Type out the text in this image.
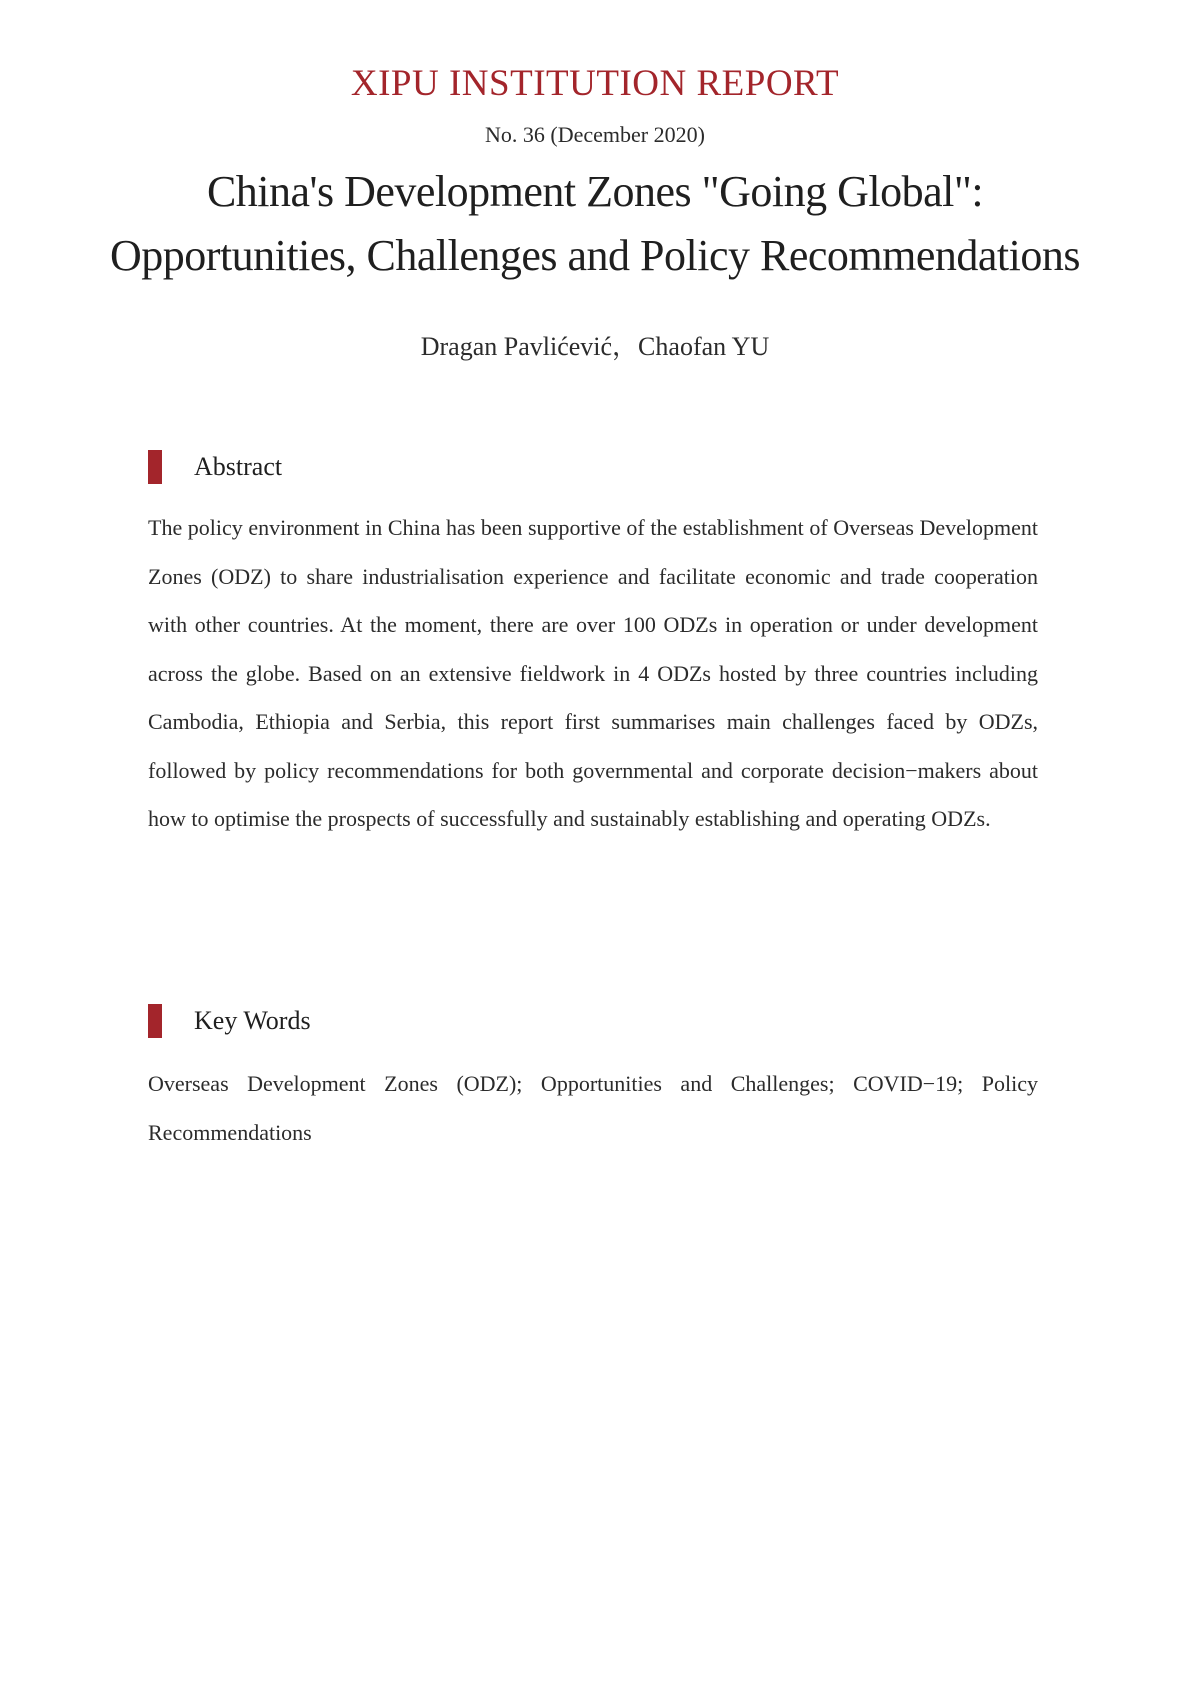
XIPU INSTITUTION REPORT
No. 36 (December 2020)
China's Development Zones "Going Global":
Opportunities, Challenges and Policy Recommendations
Dragan Pavlićević，Chaofan YU
Abstract
The policy environment in China has been supportive of the establishment of Overseas Development Zones (ODZ) to share industrialisation experience and facilitate economic and trade cooperation with other countries. At the moment, there are over 100 ODZs in operation or under development across the globe. Based on an extensive fieldwork in 4 ODZs hosted by three countries including Cambodia, Ethiopia and Serbia, this report first summarises main challenges faced by ODZs, followed by policy recommendations for both governmental and corporate decision−makers about how to optimise the prospects of successfully and sustainably establishing and operating ODZs.
Key Words
Overseas Development Zones (ODZ); Opportunities and Challenges; COVID−19; Policy Recommendations
